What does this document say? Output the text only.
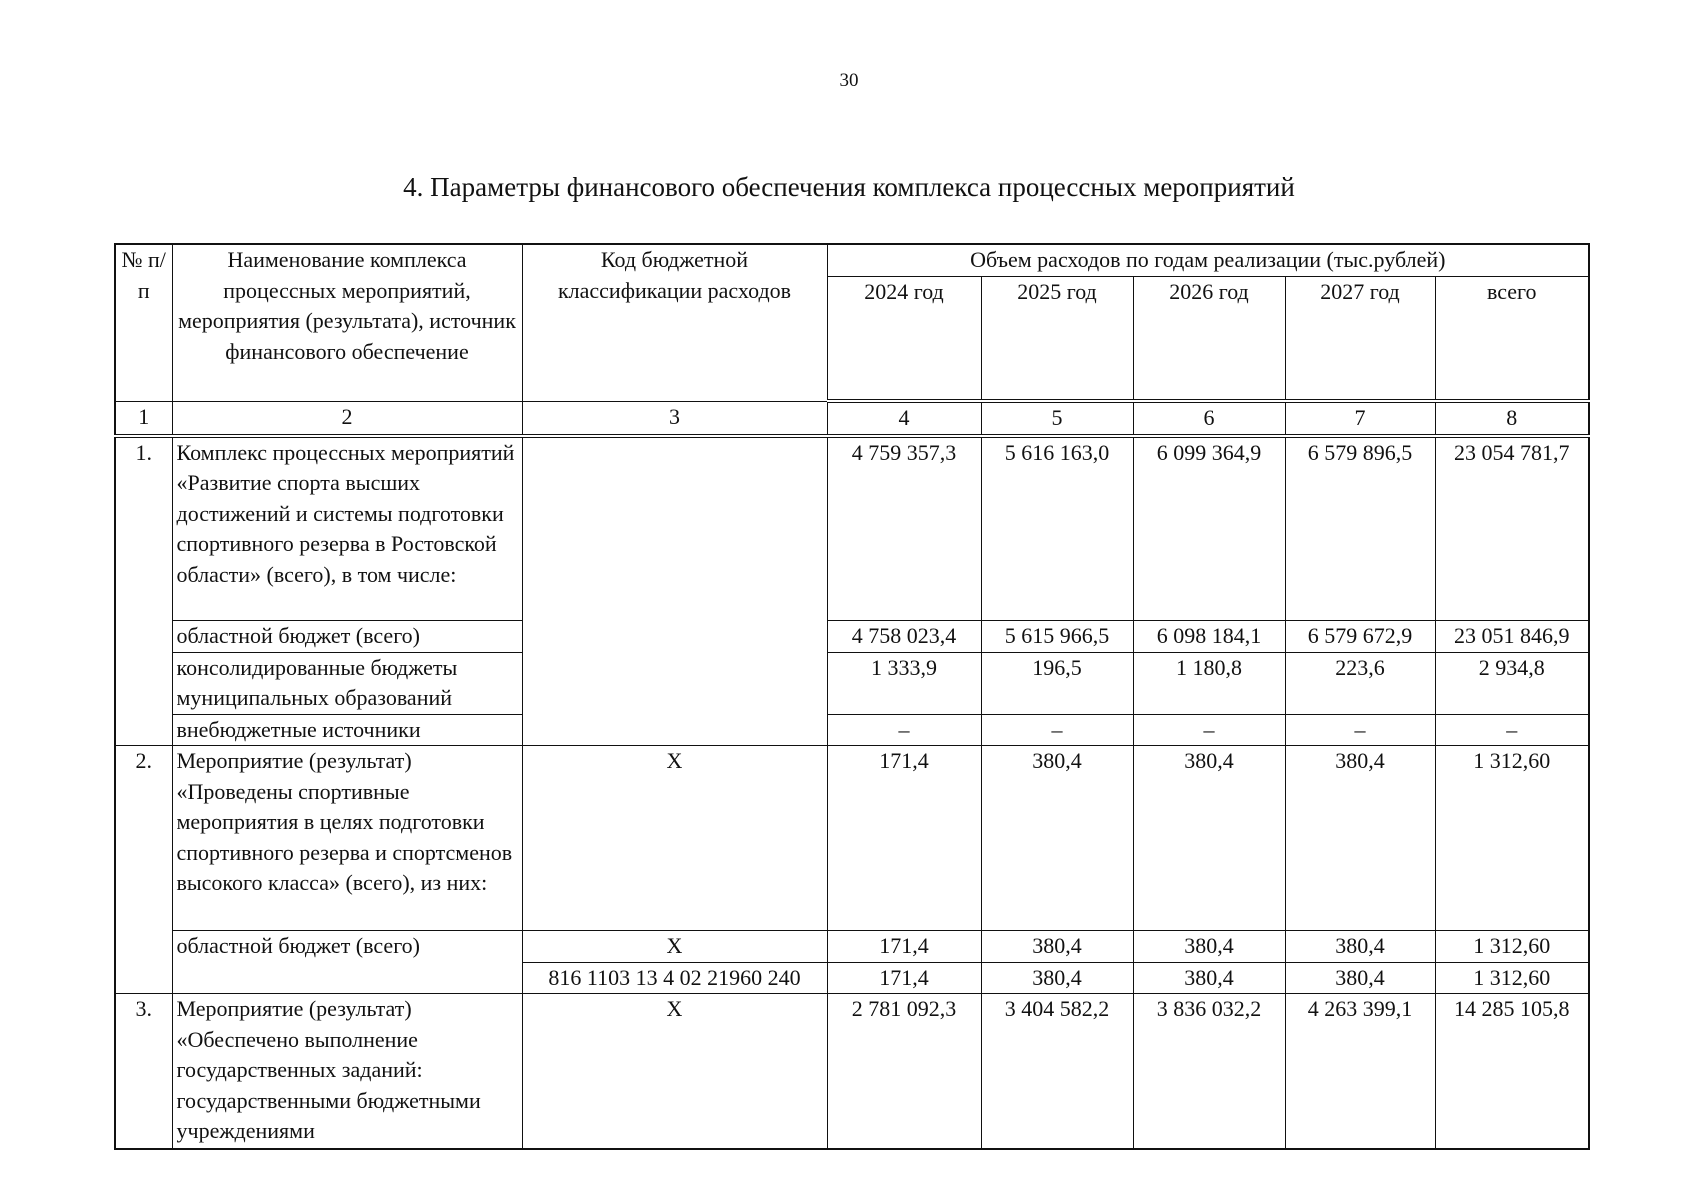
30
4. Параметры финансового обеспечения комплекса процессных мероприятий
№ п/п	Наименование комплекса процессных мероприятий, мероприятия (результата), источник финансового обеспечение	Код бюджетной классификации расходов	Объем расходов по годам реализации (тыс.рублей)				
			2024 год	2025 год	2026 год	2027 год	всего
1	2	3	4	5	6	7	8
1.	Комплекс процессных мероприятий «Развитие спорта высших достижений и системы подготовки спортивного резерва в Ростовской области» (всего), в том числе:		4 759 357,3	5 616 163,0	6 099 364,9	6 579 896,5	23 054 781,7
	областной бюджет (всего)		4 758 023,4	5 615 966,5	6 098 184,1	6 579 672,9	23 051 846,9
	консолидированные бюджеты муниципальных образований		1 333,9	196,5	1 180,8	223,6	2 934,8
	внебюджетные источники		–	–	–	–	–
2.	Мероприятие (результат) «Проведены спортивные мероприятия в целях подготовки спортивного резерва и спортсменов высокого класса» (всего), из них:	Х	171,4	380,4	380,4	380,4	1 312,60
	областной бюджет (всего)	Х	171,4	380,4	380,4	380,4	1 312,60
		816 1103 13 4 02 21960 240	171,4	380,4	380,4	380,4	1 312,60
3.	Мероприятие (результат) «Обеспечено выполнение государственных заданий: государственными бюджетными учреждениями	Х	2 781 092,3	3 404 582,2	3 836 032,2	4 263 399,1	14 285 105,8
